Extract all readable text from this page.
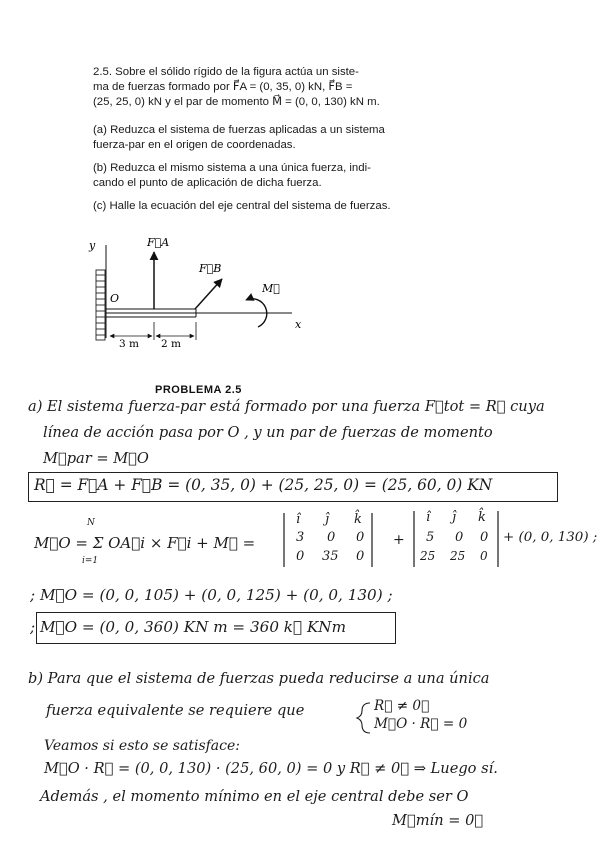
2.5. Sobre el sólido rígido de la figura actúa un siste-
ma de fuerzas formado por F⃗A = (0, 35, 0) kN, F⃗B =
(25, 25, 0) kN y el par de momento M⃗ = (0, 0, 130) kN m.
(a) Reduzca el sistema de fuerzas aplicadas a un sistema
fuerza-par en el origen de coordenadas.
(b) Reduzca el mismo sistema a una única fuerza, indi-
cando el punto de aplicación de dicha fuerza.
(c) Halle la ecuación del eje central del sistema de fuerzas.
y
x
O
F⃗A
F⃗B
M⃗
3 m 2 m
PROBLEMA 2.5
a) El sistema fuerza-par está formado por una fuerza F⃗tot = R⃗ cuya
línea de acción pasa por O , y un par de fuerzas de momento
M⃗par = M⃗O
R⃗ = F⃗A + F⃗B = (0, 35, 0) + (25, 25, 0) = (25, 60, 0) KN
M⃗O = Σ OA⃗i × F⃗i + M⃗ =
N
i=1
î ĵ k̂
3 0 0
0 35 0
+
î ĵ k̂
5 0 0
25 25 0
+ (0, 0, 130) ;
; M⃗O = (0, 0, 105) + (0, 0, 125) + (0, 0, 130) ;
; M⃗O = (0, 0, 360) KN m = 360 k⃗ KNm
b) Para que el sistema de fuerzas pueda reducirse a una única
fuerza equivalente se requiere que	R⃗ ≠ 0⃗
M⃗O · R⃗ = 0
Veamos si esto se satisface:
M⃗O · R⃗ = (0, 0, 130) · (25, 60, 0) = 0 y R⃗ ≠ 0⃗ ⇒ Luego sí.
Además , el momento mínimo en el eje central debe ser O
M⃗mín = 0⃗
